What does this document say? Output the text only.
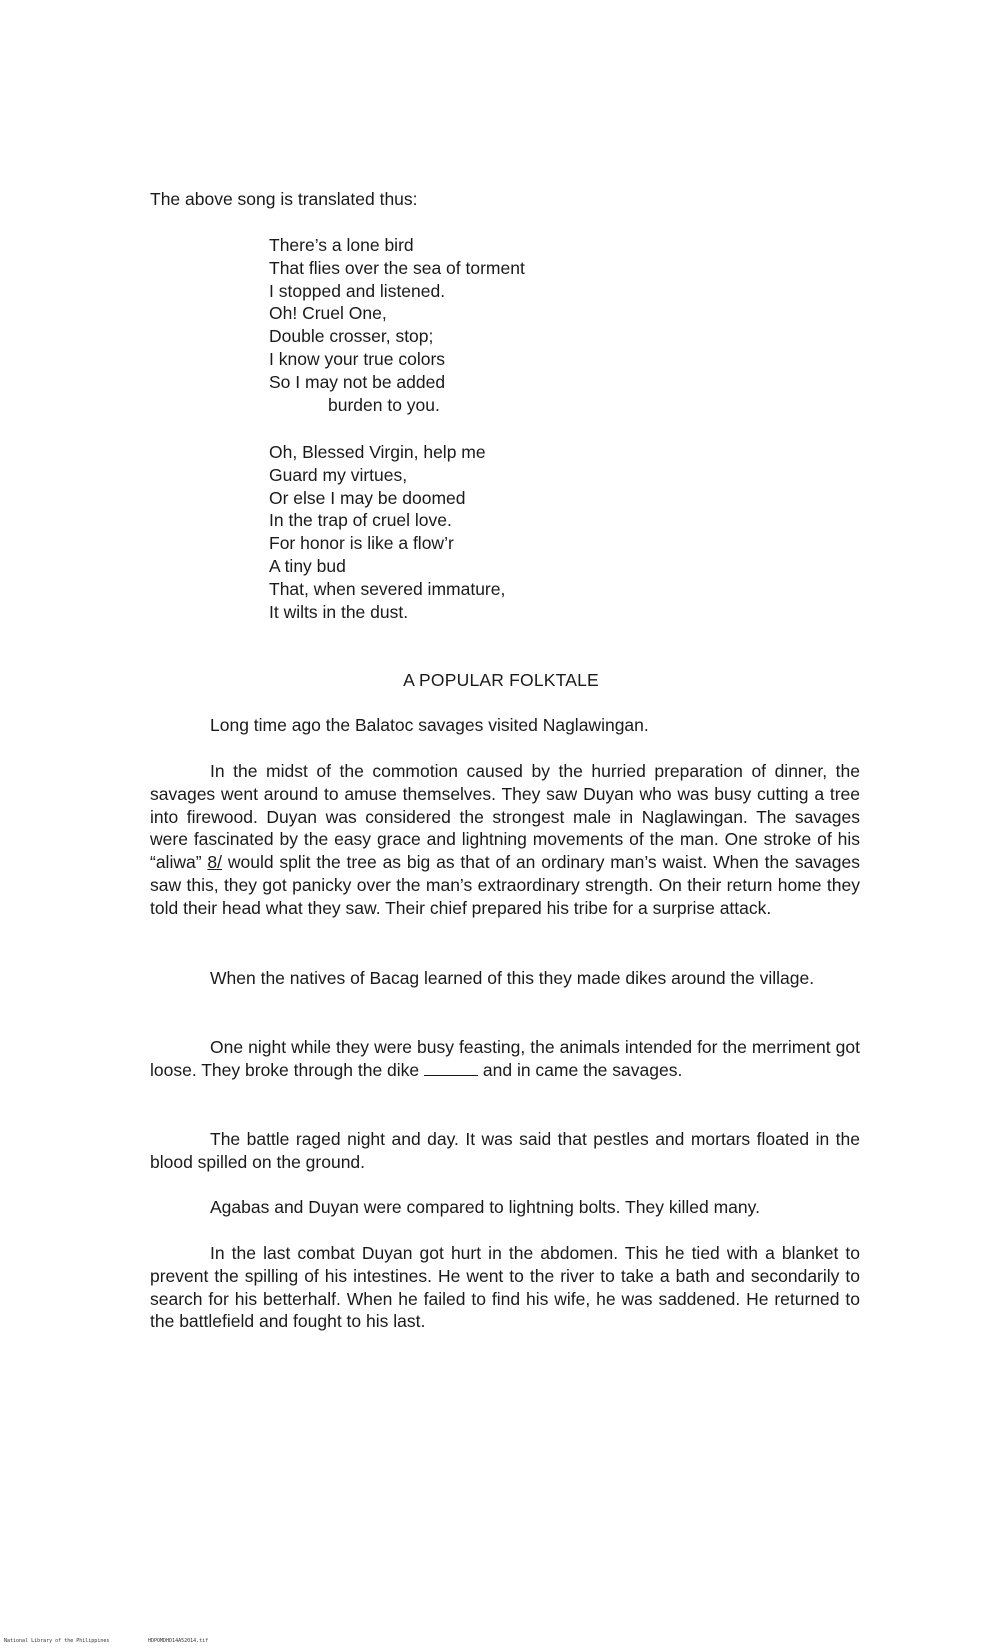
The above song is translated thus:
There’s a lone bird
That flies over the sea of torment
I stopped and listened.
Oh! Cruel One,
Double crosser, stop;
I know your true colors
So I may not be added
burden to you.
Oh, Blessed Virgin, help me
Guard my virtues,
Or else I may be doomed
In the trap of cruel love.
For honor is like a flow’r
A tiny bud
That, when severed immature,
It wilts in the dust.
A POPULAR FOLKTALE
Long time ago the Balatoc savages visited Naglawingan.
In the midst of the commotion caused by the hurried preparation of dinner, the savages went around to amuse themselves. They saw Duyan who was busy cutting a tree into firewood. Duyan was considered the strongest male in Naglawingan. The savages were fascinated by the easy grace and lightning movements of the man. One stroke of his “aliwa” 8/ would split the tree as big as that of an ordinary man’s waist. When the savages saw this, they got panicky over the man’s extraordinary strength. On their return home they told their head what they saw. Their chief prepared his tribe for a surprise attack.
When the natives of Bacag learned of this they made dikes around the village.
One night while they were busy feasting, the animals intended for the merriment got loose. They broke through the dike	and in came the savages.
The battle raged night and day. It was said that pestles and mortars floated in the blood spilled on the ground.
Agabas and Duyan were compared to lightning bolts. They killed many.
In the last combat Duyan got hurt in the abdomen. This he tied with a blanket to prevent the spilling of his intestines. He went to the river to take a bath and secondarily to search for his betterhalf. When he failed to find his wife, he was saddened. He returned to the battlefield and fought to his last.
National Library of the Philippines	HDPOMDHD14A52014.tif
